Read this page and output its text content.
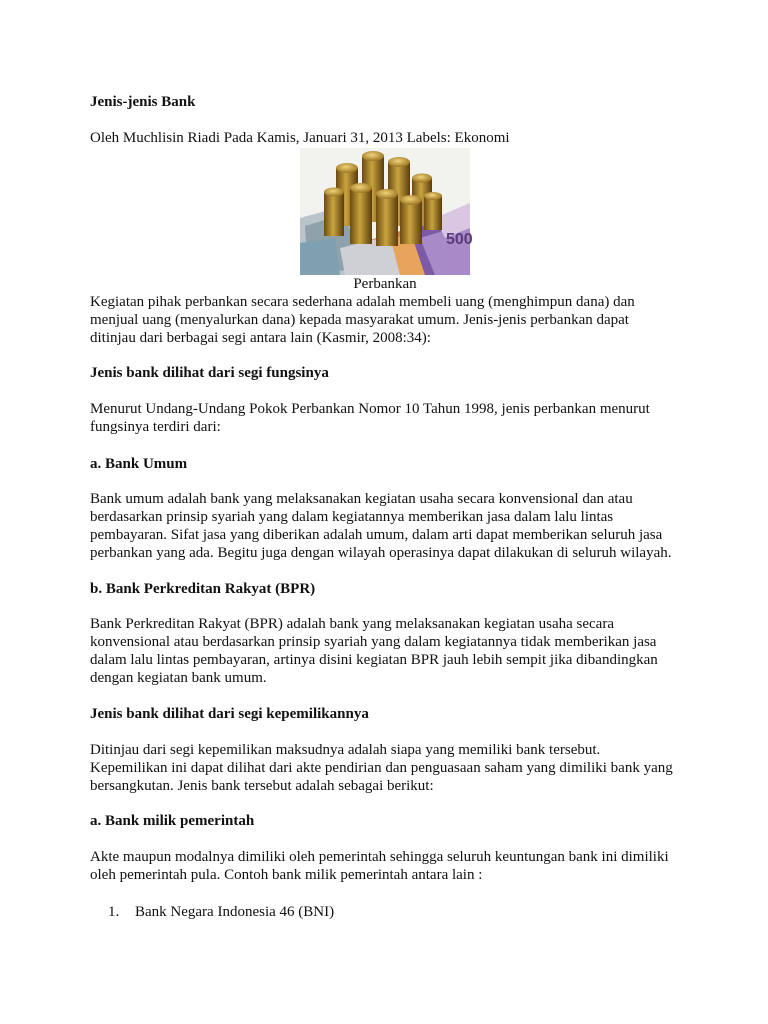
Jenis-jenis Bank
Oleh Muchlisin Riadi Pada Kamis, Januari 31, 2013 Labels: Ekonomi
500
Perbankan
Kegiatan pihak perbankan secara sederhana adalah membeli uang (menghimpun dana) dan
menjual uang (menyalurkan dana) kepada masyarakat umum. Jenis-jenis perbankan dapat
ditinjau dari berbagai segi antara lain (Kasmir, 2008:34):
Jenis bank dilihat dari segi fungsinya
Menurut Undang-Undang Pokok Perbankan Nomor 10 Tahun 1998, jenis perbankan menurut
fungsinya terdiri dari:
a. Bank Umum
Bank umum adalah bank yang melaksanakan kegiatan usaha secara konvensional dan atau
berdasarkan prinsip syariah yang dalam kegiatannya memberikan jasa dalam lalu lintas
pembayaran. Sifat jasa yang diberikan adalah umum, dalam arti dapat memberikan seluruh jasa
perbankan yang ada. Begitu juga dengan wilayah operasinya dapat dilakukan di seluruh wilayah.
b. Bank Perkreditan Rakyat (BPR)
Bank Perkreditan Rakyat (BPR) adalah bank yang melaksanakan kegiatan usaha secara
konvensional atau berdasarkan prinsip syariah yang dalam kegiatannya tidak memberikan jasa
dalam lalu lintas pembayaran, artinya disini kegiatan BPR jauh lebih sempit jika dibandingkan
dengan kegiatan bank umum.
Jenis bank dilihat dari segi kepemilikannya
Ditinjau dari segi kepemilikan maksudnya adalah siapa yang memiliki bank tersebut.
Kepemilikan ini dapat dilihat dari akte pendirian dan penguasaan saham yang dimiliki bank yang
bersangkutan. Jenis bank tersebut adalah sebagai berikut:
a. Bank milik pemerintah
Akte maupun modalnya dimiliki oleh pemerintah sehingga seluruh keuntungan bank ini dimiliki
oleh pemerintah pula. Contoh bank milik pemerintah antara lain :
1. Bank Negara Indonesia 46 (BNI)
